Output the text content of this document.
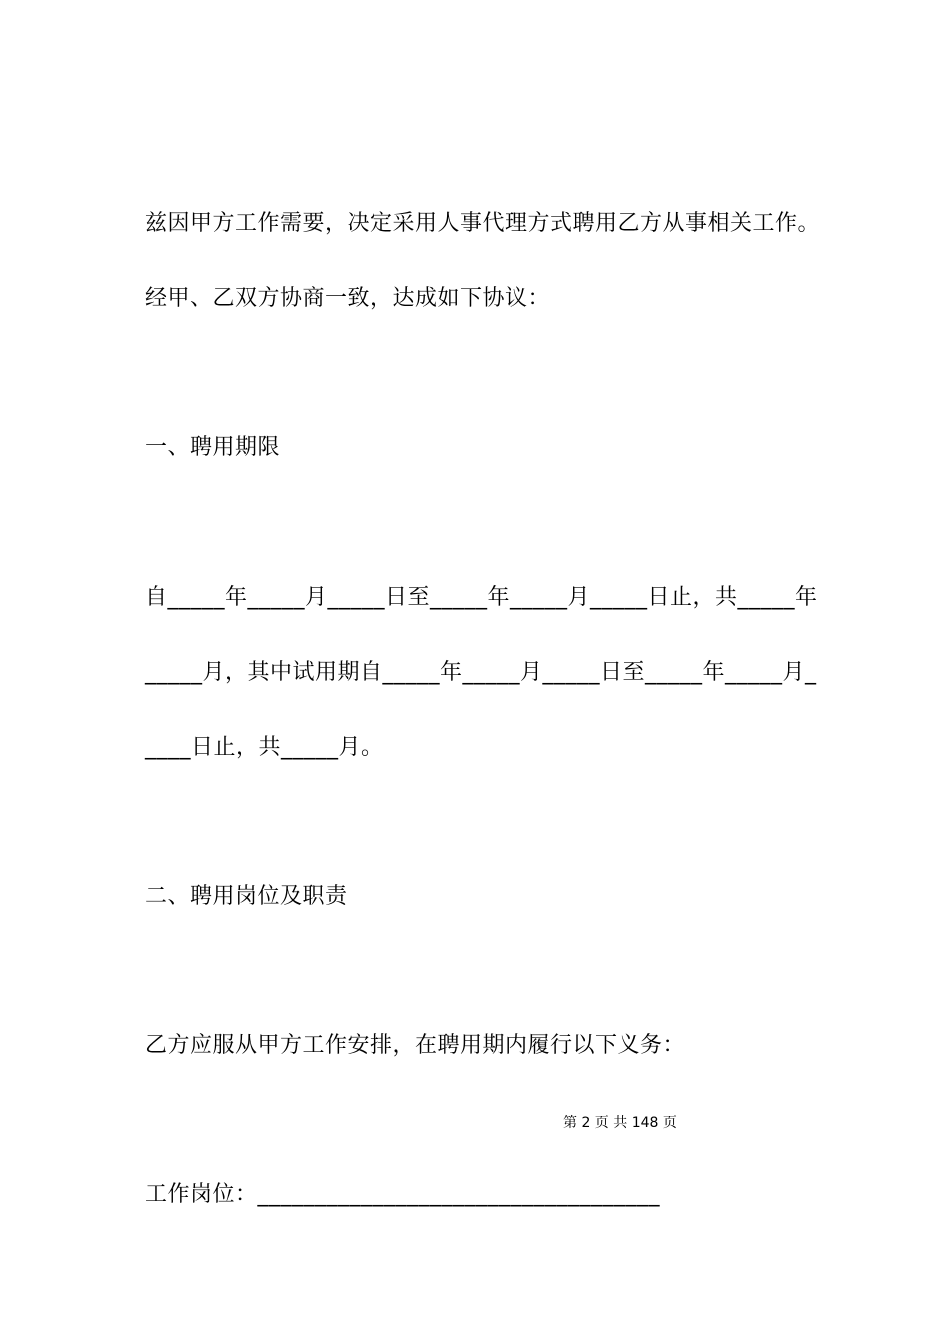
兹因甲方工作需要，决定采用人事代理方式聘用乙方从事相关工作。
经甲、乙双方协商一致，达成如下协议：
一、聘用期限
自_____年_____月_____日至_____年_____月_____日止，共_____年
_____月，其中试用期自_____年_____月_____日至_____年_____月_
____日止，共_____月。
二、聘用岗位及职责
乙方应服从甲方工作安排，在聘用期内履行以下义务：
第 2 页 共 148 页
工作岗位：___________________________________
